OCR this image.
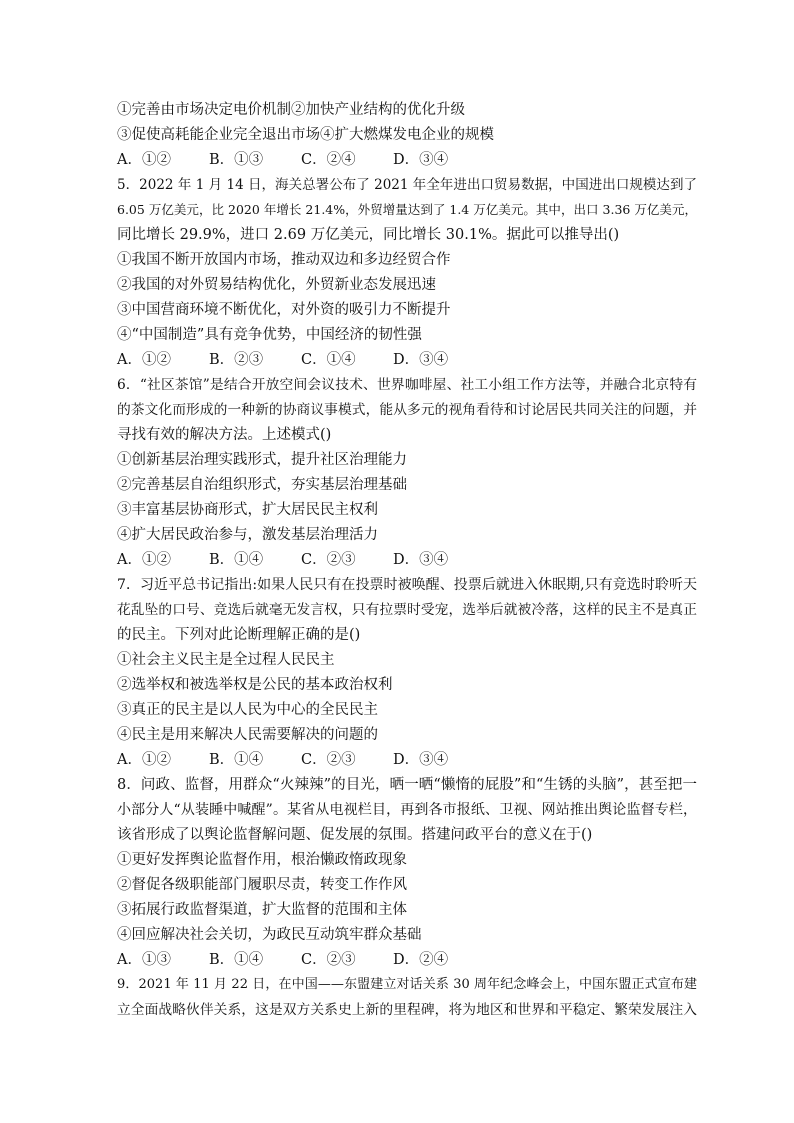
①完善由市场决定电价机制②加快产业结构的优化升级
③促使高耗能企业完全退出市场④扩大燃煤发电企业的规模
A．①②	B．①③	C．②④	D．③④
5．2022 年 1 月 14 日，海关总署公布了 2021 年全年进出口贸易数据，中国进出口规模达到了
6.05 万亿美元，比 2020 年增长 21.4%，外贸增量达到了 1.4 万亿美元。其中，出口 3.36 万亿美元，
同比增长 29.9%，进口 2.69 万亿美元，同比增长 30.1%。据此可以推导出()
①我国不断开放国内市场，推动双边和多边经贸合作
②我国的对外贸易结构优化，外贸新业态发展迅速
③中国营商环境不断优化，对外资的吸引力不断提升
④“中国制造”具有竞争优势，中国经济的韧性强
A．①②	B．②③	C．①④	D．③④
6．“社区茶馆”是结合开放空间会议技术、世界咖啡屋、社工小组工作方法等，并融合北京特有
的茶文化而形成的一种新的协商议事模式，能从多元的视角看待和讨论居民共同关注的问题，并
寻找有效的解决方法。上述模式()
①创新基层治理实践形式，提升社区治理能力
②完善基层自治组织形式，夯实基层治理基础
③丰富基层协商形式，扩大居民民主权利
④扩大居民政治参与，激发基层治理活力
A．①②	B．①④	C．②③	D．③④
7．习近平总书记指出:如果人民只有在投票时被唤醒、投票后就进入休眠期,只有竞选时聆听天
花乱坠的口号、竞选后就毫无发言权，只有拉票时受宠，选举后就被冷落，这样的民主不是真正
的民主。下列对此论断理解正确的是()
①社会主义民主是全过程人民民主
②选举权和被选举权是公民的基本政治权利
③真正的民主是以人民为中心的全民民主
④民主是用来解决人民需要解决的问题的
A．①②	B．①④	C．②③	D．③④
8．问政、监督，用群众“火辣辣”的目光，晒一晒“懒惰的屁股”和“生锈的头脑”，甚至把一
小部分人“从装睡中喊醒”。某省从电视栏目，再到各市报纸、卫视、网站推出舆论监督专栏，
该省形成了以舆论监督解问题、促发展的氛围。搭建问政平台的意义在于()
①更好发挥舆论监督作用，根治懒政惰政现象
②督促各级职能部门履职尽责，转变工作作风
③拓展行政监督渠道，扩大监督的范围和主体
④回应解决社会关切，为政民互动筑牢群众基础
A．①③	B．①④	C．②③	D．②④
9．2021 年 11 月 22 日，在中国——东盟建立对话关系 30 周年纪念峰会上，中国东盟正式宣布建
立全面战略伙伴关系，这是双方关系史上新的里程碑，将为地区和世界和平稳定、繁荣发展注入
